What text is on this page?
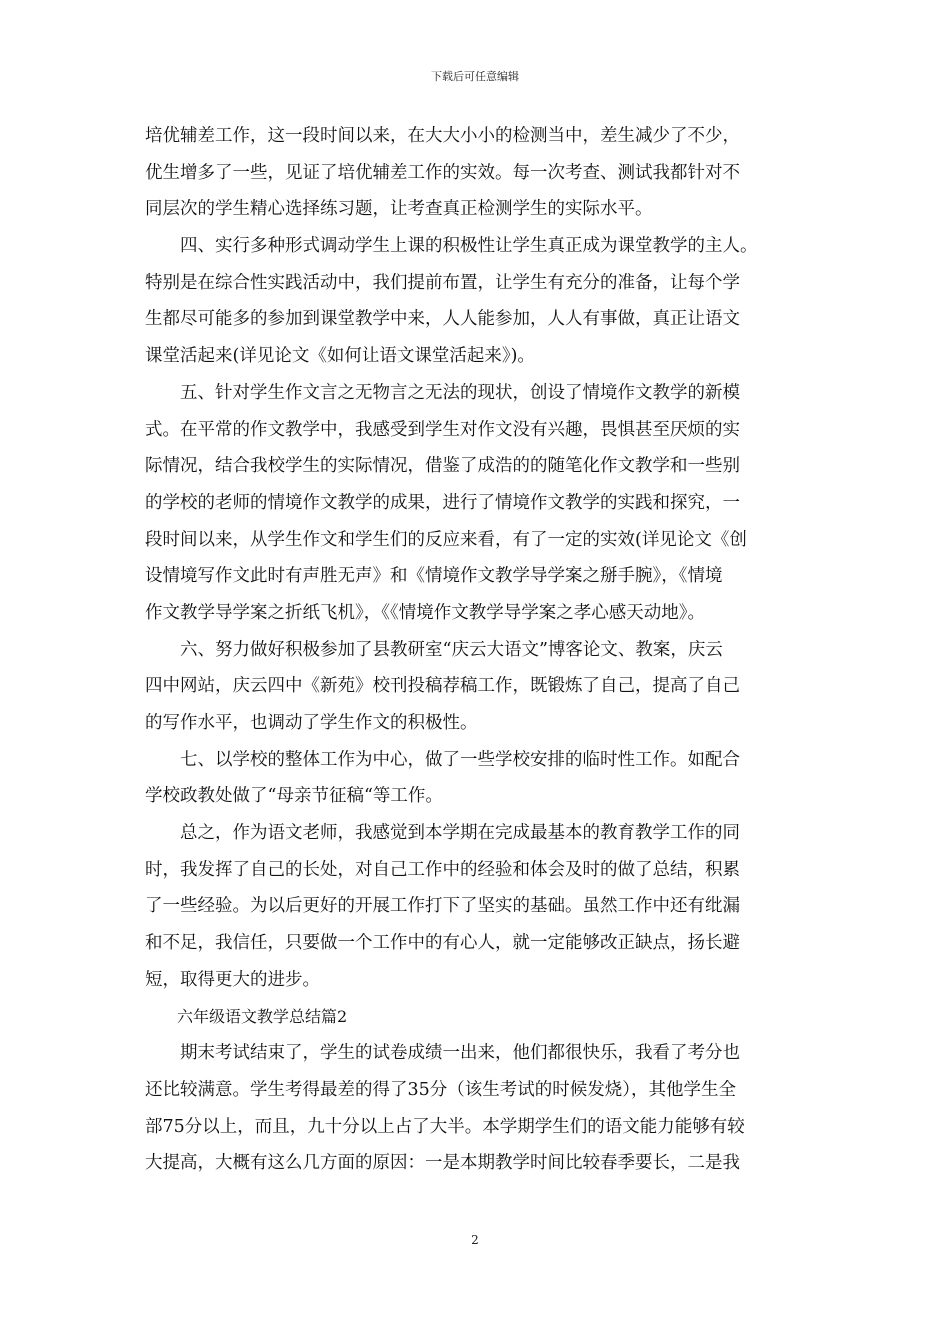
下载后可任意编辑
培优辅差工作，这一段时间以来，在大大小小的检测当中，差生减少了不少，
优生增多了一些，见证了培优辅差工作的实效。每一次考查、测试我都针对不
同层次的学生精心选择练习题，让考查真正检测学生的实际水平。
　　四、实行多种形式调动学生上课的积极性让学生真正成为课堂教学的主人。
特别是在综合性实践活动中，我们提前布置，让学生有充分的准备，让每个学
生都尽可能多的参加到课堂教学中来，人人能参加，人人有事做，真正让语文
课堂活起来(详见论文《如何让语文课堂活起来》)。
　　五、针对学生作文言之无物言之无法的现状，创设了情境作文教学的新模
式。在平常的作文教学中，我感受到学生对作文没有兴趣，畏惧甚至厌烦的实
际情况，结合我校学生的实际情况，借鉴了成浩的的随笔化作文教学和一些别
的学校的老师的情境作文教学的成果，进行了情境作文教学的实践和探究，一
段时间以来，从学生作文和学生们的反应来看，有了一定的实效(详见论文《创
设情境写作文此时有声胜无声》和《情境作文教学导学案之掰手腕》，《情境
作文教学导学案之折纸飞机》，《《情境作文教学导学案之孝心感天动地》。
　　六、努力做好积极参加了县教研室“庆云大语文”博客论文、教案，庆云
四中网站，庆云四中《新苑》校刊投稿荐稿工作，既锻炼了自己，提高了自己
的写作水平，也调动了学生作文的积极性。
　　七、以学校的整体工作为中心，做了一些学校安排的临时性工作。如配合
学校政教处做了“母亲节征稿“等工作。
　　总之，作为语文老师，我感觉到本学期在完成最基本的教育教学工作的同
时，我发挥了自己的长处，对自己工作中的经验和体会及时的做了总结，积累
了一些经验。为以后更好的开展工作打下了坚实的基础。虽然工作中还有纰漏
和不足，我信任，只要做一个工作中的有心人，就一定能够改正缺点，扬长避
短，取得更大的进步。
　　六年级语文教学总结篇2
　　期末考试结束了，学生的试卷成绩一出来，他们都很快乐，我看了考分也
还比较满意。学生考得最差的得了35分（该生考试的时候发烧），其他学生全
部75分以上，而且，九十分以上占了大半。本学期学生们的语文能力能够有较
大提高，大概有这么几方面的原因：一是本期教学时间比较春季要长，二是我
2
